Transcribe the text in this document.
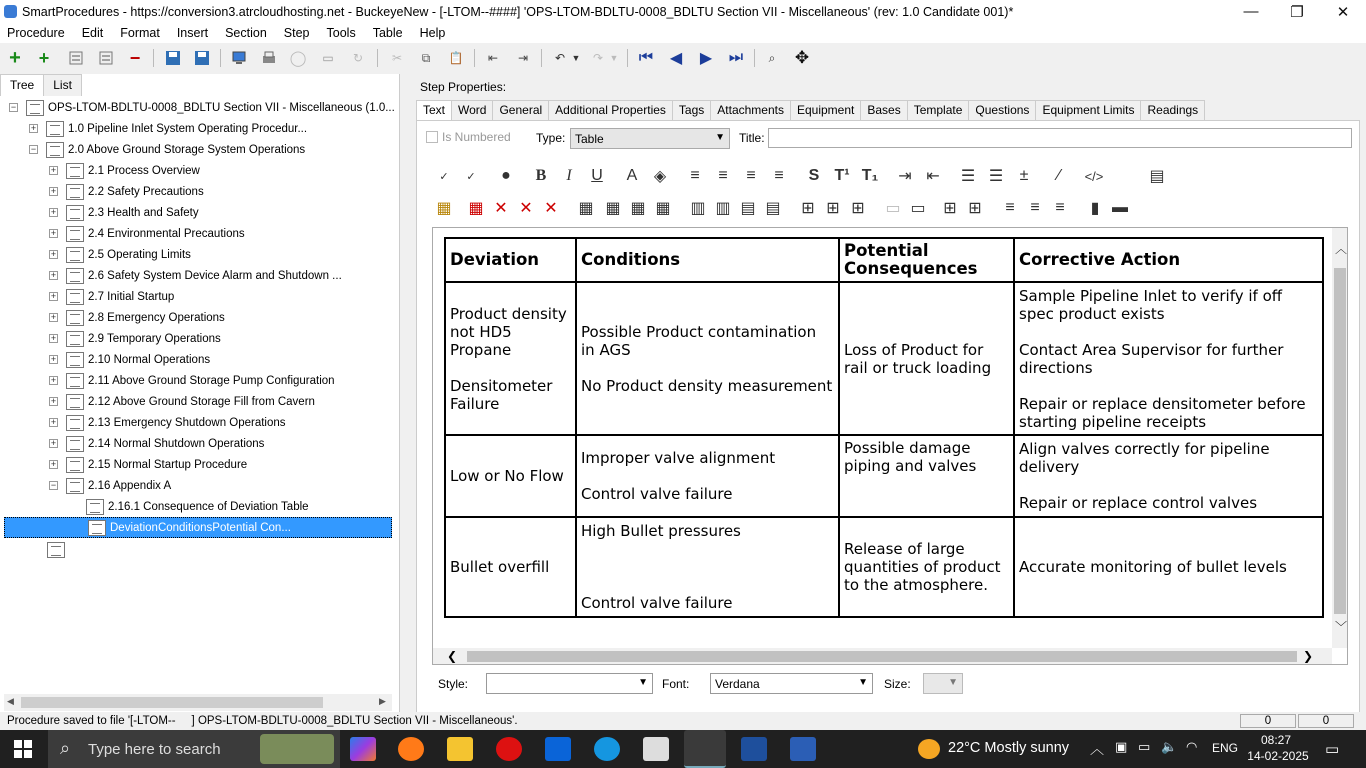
SmartProcedures - https://conversion3.atrcloudhosting.net - BuckeyeNew - [-LTOM--####] 'OPS-LTOM-BDLTU-0008_BDLTU Section VII - Miscellaneous' (rev: 1.0 Candidate 001)*	—	❐	✕
Procedure Edit Format Insert Section Step Tools Table Help
+ +	−	◯	▭	↻	✂	⧉	📋	⇤	⇥	↶ ▼	↷ ▼	⏮ ◀ ▶ ⏭	⌕	✥
Tree	List
−	OPS-LTOM-BDLTU-0008_BDLTU Section VII - Miscellaneous (1.0...
+	1.0 Pipeline Inlet System Operating Procedur...
−	2.0 Above Ground Storage System Operations
+	2.1 Process Overview
+	2.2 Safety Precautions
+	2.3 Health and Safety
+	2.4 Environmental Precautions
+	2.5 Operating Limits
+	2.6 Safety System Device Alarm and Shutdown ...
+	2.7 Initial Startup
+	2.8 Emergency Operations
+	2.9 Temporary Operations
+	2.10 Normal Operations
+	2.11 Above Ground Storage Pump Configuration
+	2.12 Above Ground Storage Fill from Cavern
+	2.13 Emergency Shutdown Operations
+	2.14 Normal Shutdown Operations
+	2.15 Normal Startup Procedure
−	2.16 Appendix A
2.16.1 Consequence of Deviation Table
DeviationConditionsPotential Con...
◀	▶
Step Properties:
Text	Word	General	Additional Properties	Tags	Attachments	Equipment	Bases	Template	Questions	Equipment Limits	Readings
Is Numbered Type: Table	▼ Title:
✓	✓	●	B	I	U	A	◈	≡	≡	≡	≡	S T¹ T₁ ⇥ ⇤ ☰ ☰	±	⁄	</>	▤
▦ ▦ ✕ ✕ ✕ ▦ ▦ ▦ ▦ ▥ ▥ ▤ ▤ ⊞ ⊞ ⊞ ▭ ▭ ⊞ ⊞	≡ ≡ ≡	▮ ▬
Deviation	Conditions	Potential Consequences	Corrective Action
Product density not HD5 Propane

Densitometer Failure	Possible Product contamination in AGS

No Product density measurement	Loss of Product for rail or truck loading	Sample Pipeline Inlet to verify if off spec product exists

Contact Area Supervisor for further directions

Repair or replace densitometer before starting pipeline receipts
Low or No Flow	Improper valve alignment

Control valve failure	Possible damage piping and valves	Align valves correctly for pipeline delivery

Repair or replace control valves
Bullet overfill	High Bullet pressures

Control valve failure	Release of large quantities of product to the atmosphere.	Accurate monitoring of bullet levels
︿
﹀
❮	❯
Style:	▼ Font:	Verdana	▼ Size:	▼
Procedure saved to file '[-LTOM--     ] OPS-LTOM-BDLTU-0008_BDLTU Section VII - Miscellaneous'.	0	0
⌕ Type here to search	22°C Mostly sunny ︿ ▣ ▭ 🔈 ◠ ENG
08:27
14-02-2025 ▭
